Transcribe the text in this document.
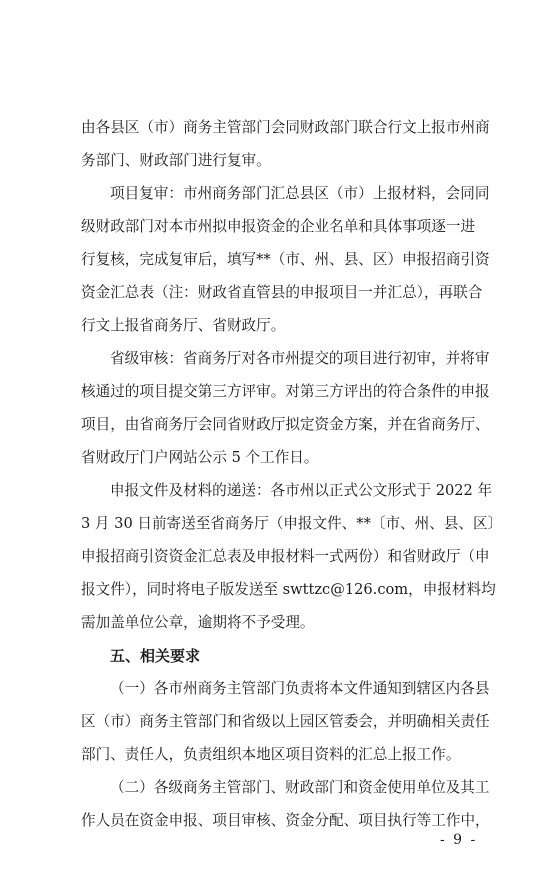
由各县区（市）商务主管部门会同财政部门联合行文上报市州商

务部门、财政部门进行复审。

项目复审：市州商务部门汇总县区（市）上报材料，会同同

级财政部门对本市州拟申报资金的企业名单和具体事项逐一进

行复核，完成复审后，填写**（市、州、县、区）申报招商引资

资金汇总表（注：财政省直管县的申报项目一并汇总），再联合

行文上报省商务厅、省财政厅。

省级审核：省商务厅对各市州提交的项目进行初审，并将审

核通过的项目提交第三方评审。对第三方评出的符合条件的申报

项目，由省商务厅会同省财政厅拟定资金方案，并在省商务厅、

省财政厅门户网站公示 5 个工作日。

申报文件及材料的递送：各市州以正式公文形式于 2022 年

3 月 30 日前寄送至省商务厅（申报文件、**〔市、州、县、区〕

申报招商引资资金汇总表及申报材料一式两份）和省财政厅（申

报文件），同时将电子版发送至 swttzc@126.com，申报材料均

需加盖单位公章，逾期将不予受理。

五、相关要求

（一）各市州商务主管部门负责将本文件通知到辖区内各县

区（市）商务主管部门和省级以上园区管委会，并明确相关责任

部门、责任人，负责组织本地区项目资料的汇总上报工作。

（二）各级商务主管部门、财政部门和资金使用单位及其工

作人员在资金申报、项目审核、资金分配、项目执行等工作中，

- 9 -
